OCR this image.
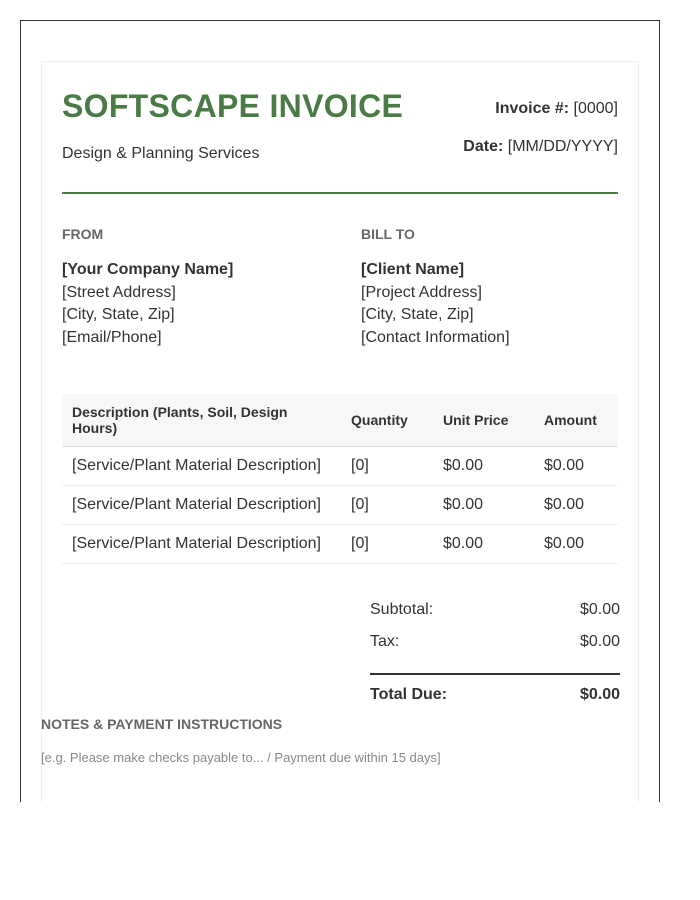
SOFTSCAPE INVOICE
Design & Planning Services
Invoice #: [0000]
Date: [MM/DD/YYYY]
FROM
[Your Company Name]
[Street Address]
[City, State, Zip]
[Email/Phone]
BILL TO
[Client Name]
[Project Address]
[City, State, Zip]
[Contact Information]
Description (Plants, Soil, Design Hours)	Quantity	Unit Price	Amount
[Service/Plant Material Description]	[0]	$0.00	$0.00
[Service/Plant Material Description]	[0]	$0.00	$0.00
[Service/Plant Material Description]	[0]	$0.00	$0.00
Subtotal:	$0.00
Tax:	$0.00
Total Due:	$0.00
NOTES & PAYMENT INSTRUCTIONS
[e.g. Please make checks payable to... / Payment due within 15 days]
